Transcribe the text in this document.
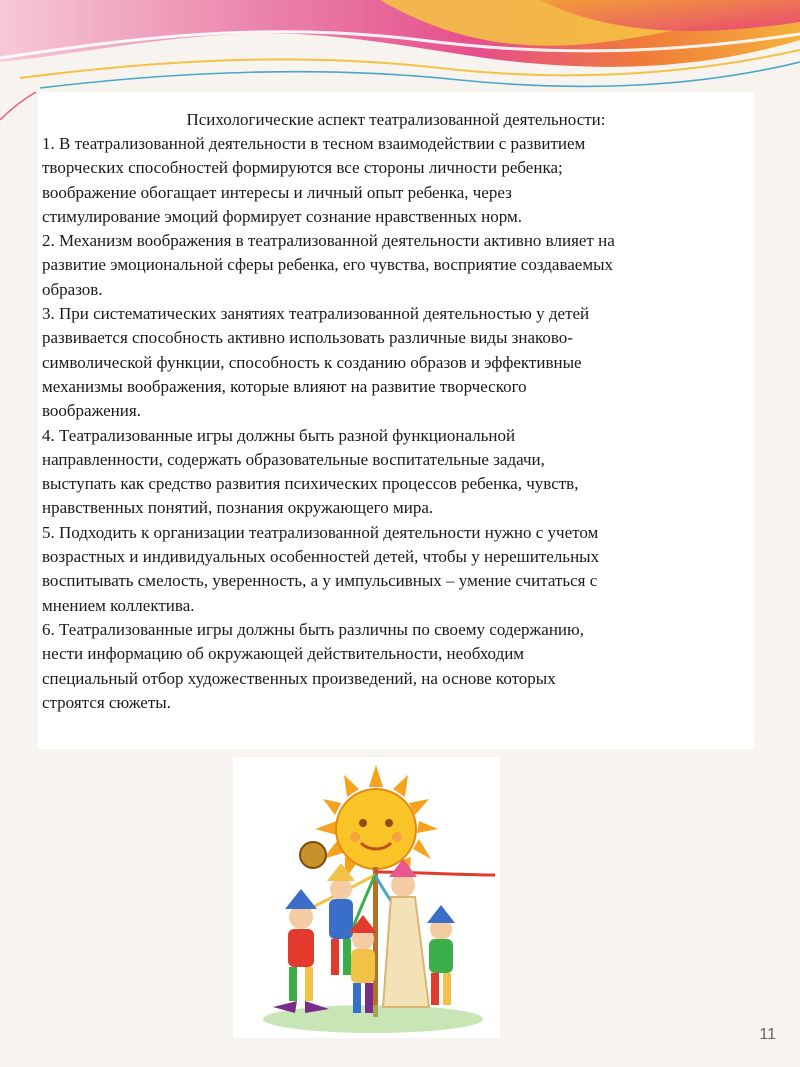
Психологические аспект театрализованной деятельности:

1. В театрализованной деятельности в тесном взаимодействии с развитием
творческих способностей формируются все стороны личности ребенка;
воображение обогащает интересы и личный опыт ребенка, через
стимулирование эмоций формирует сознание нравственных норм.

2. Механизм воображения в театрализованной деятельности активно влияет на
развитие эмоциональной сферы ребенка, его чувства, восприятие создаваемых
образов.

3. При систематических занятиях театрализованной деятельностью у детей
развивается способность активно использовать различные виды знаково-
символической функции, способность к созданию образов и эффективные
механизмы воображения, которые влияют на развитие творческого
воображения.

4. Театрализованные игры должны быть разной функциональной
направленности, содержать образовательные воспитательные задачи,
выступать как средство развития психических процессов ребенка, чувств,
нравственных понятий, познания окружающего мира.

5. Подходить к организации театрализованной деятельности нужно с учетом
возрастных и индивидуальных особенностей детей, чтобы у нерешительных
воспитывать смелость, уверенность, а у импульсивных – умение считаться с
мнением коллектива.

6. Театрализованные игры должны быть различны по своему содержанию,
нести информацию об окружающей действительности, необходим
специальный отбор художественных произведений, на основе которых
строятся сюжеты.

11
